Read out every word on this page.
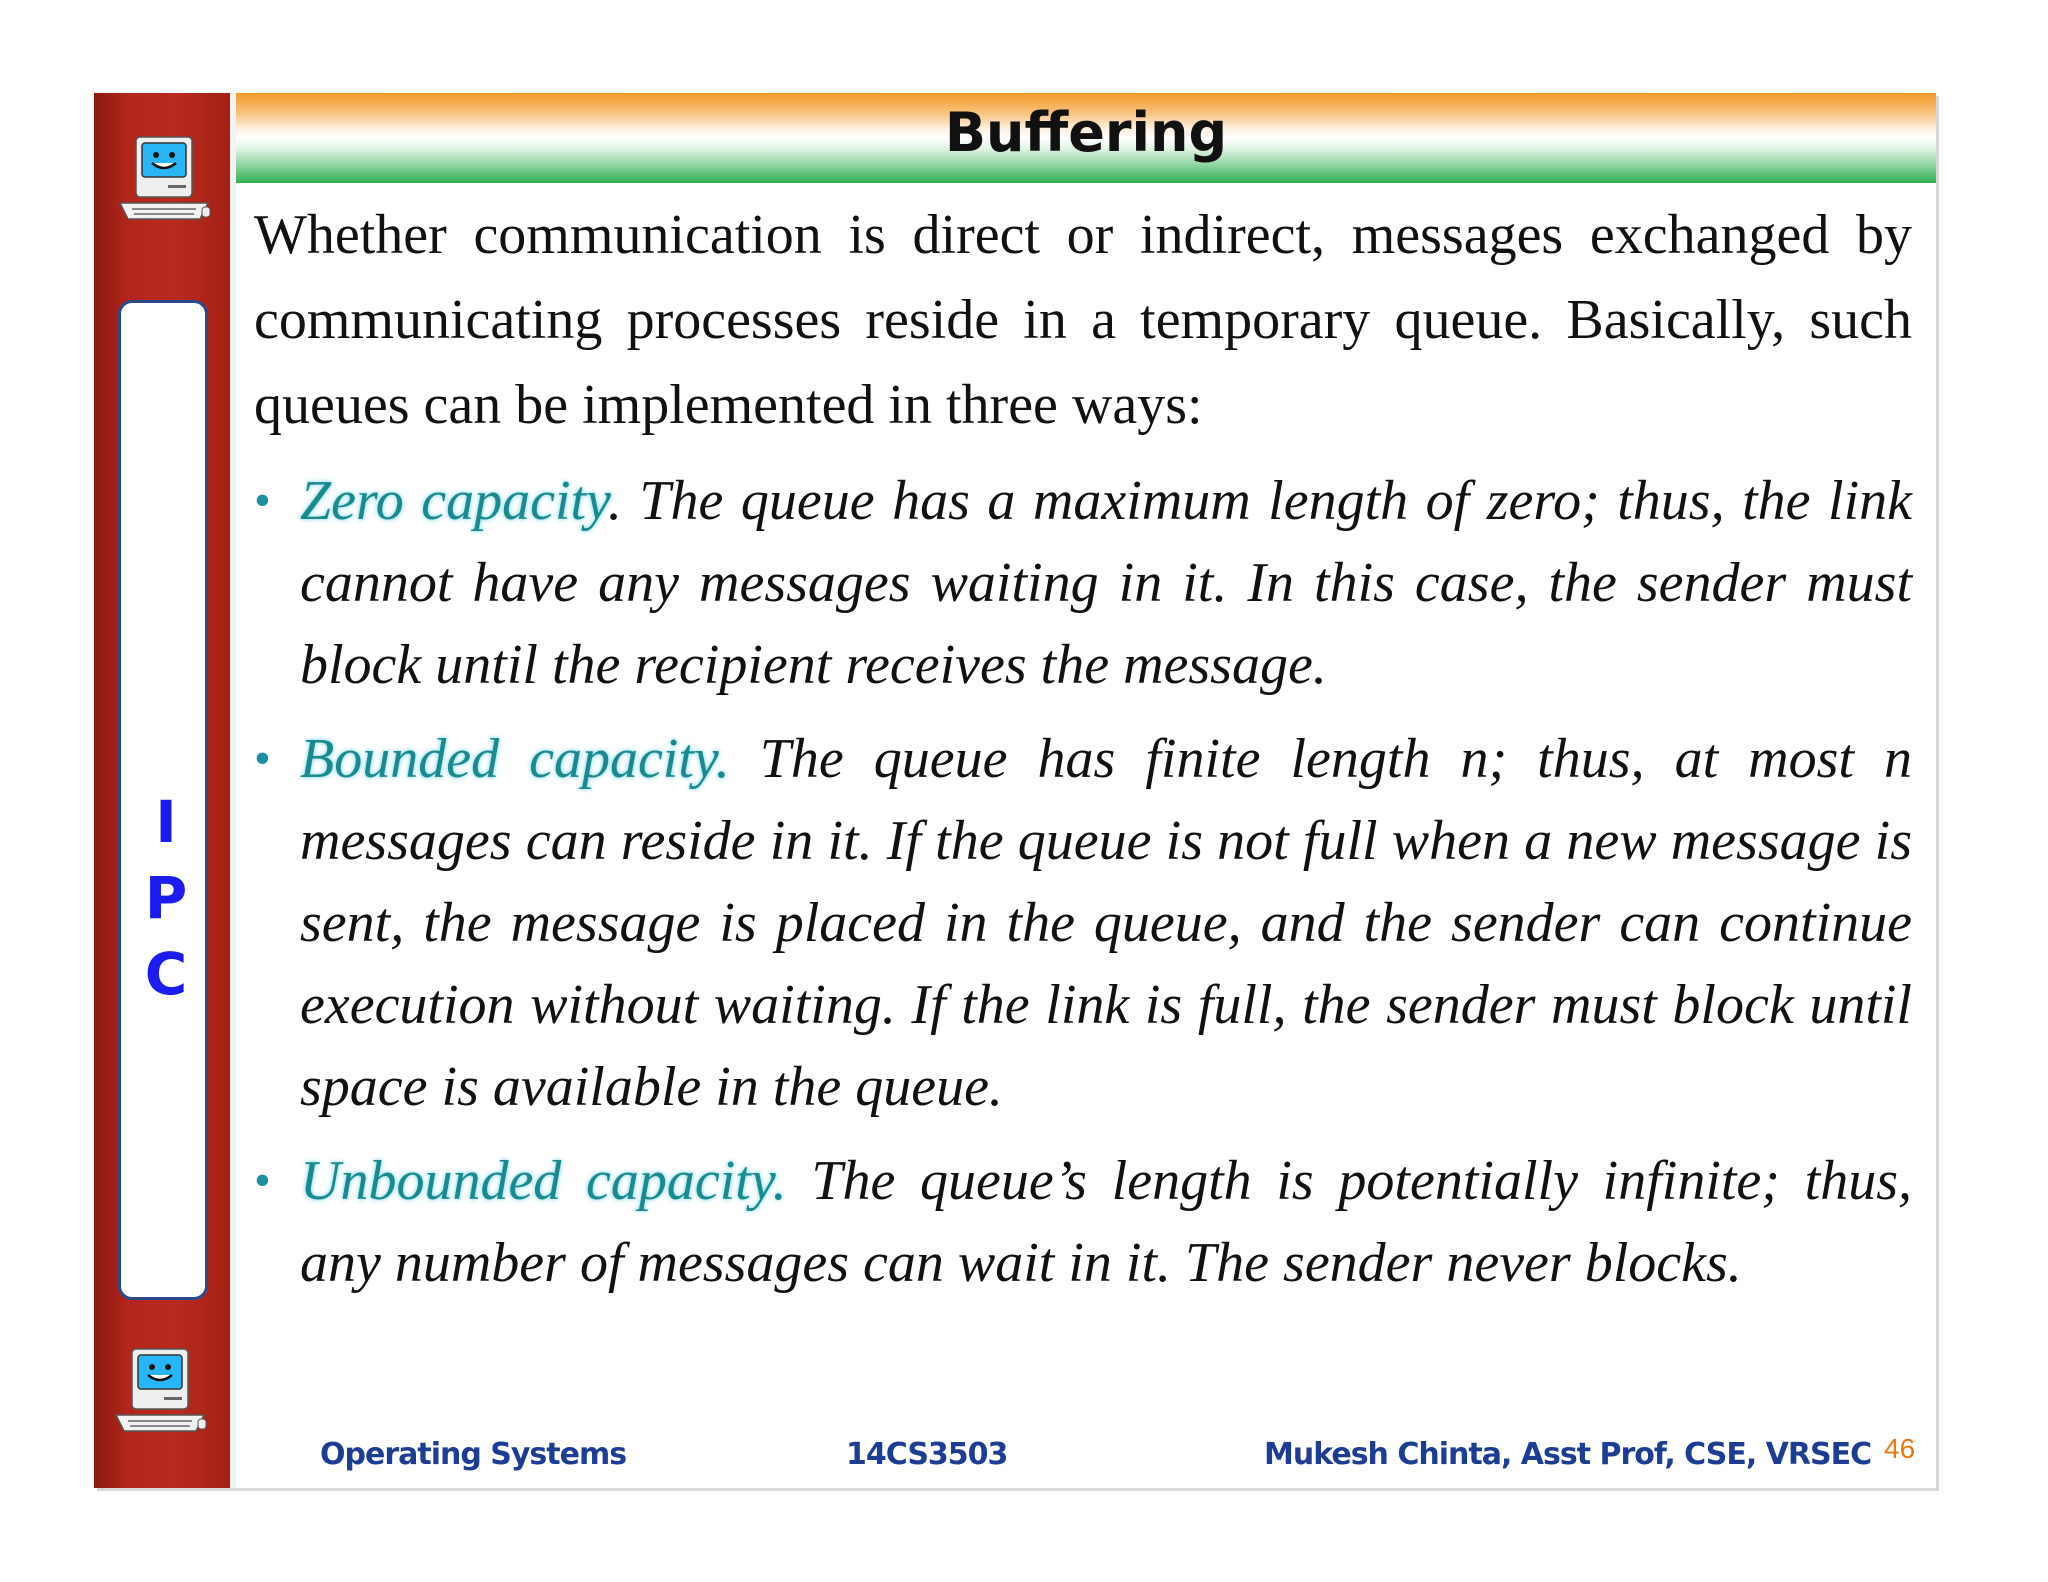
I
P
C
Buffering

Whether communication is direct or indirect, messages exchanged by communicating processes reside in a temporary queue. Basically, such queues can be implemented in three ways:

• Zero capacity. The queue has a maximum length of zero; thus, the link cannot have any messages waiting in it. In this case, the sender must block until the recipient receives the message.
• Bounded capacity. The queue has finite length n; thus, at most n messages can reside in it. If the queue is not full when a new message is sent, the message is placed in the queue, and the sender can continue execution without waiting. If the link is full, the sender must block until space is available in the queue.
• Unbounded capacity. The queue’s length is potentially infinite; thus, any number of messages can wait in it. The sender never blocks.
Operating Systems	14CS3503	Mukesh Chinta, Asst Prof, CSE, VRSEC 46
